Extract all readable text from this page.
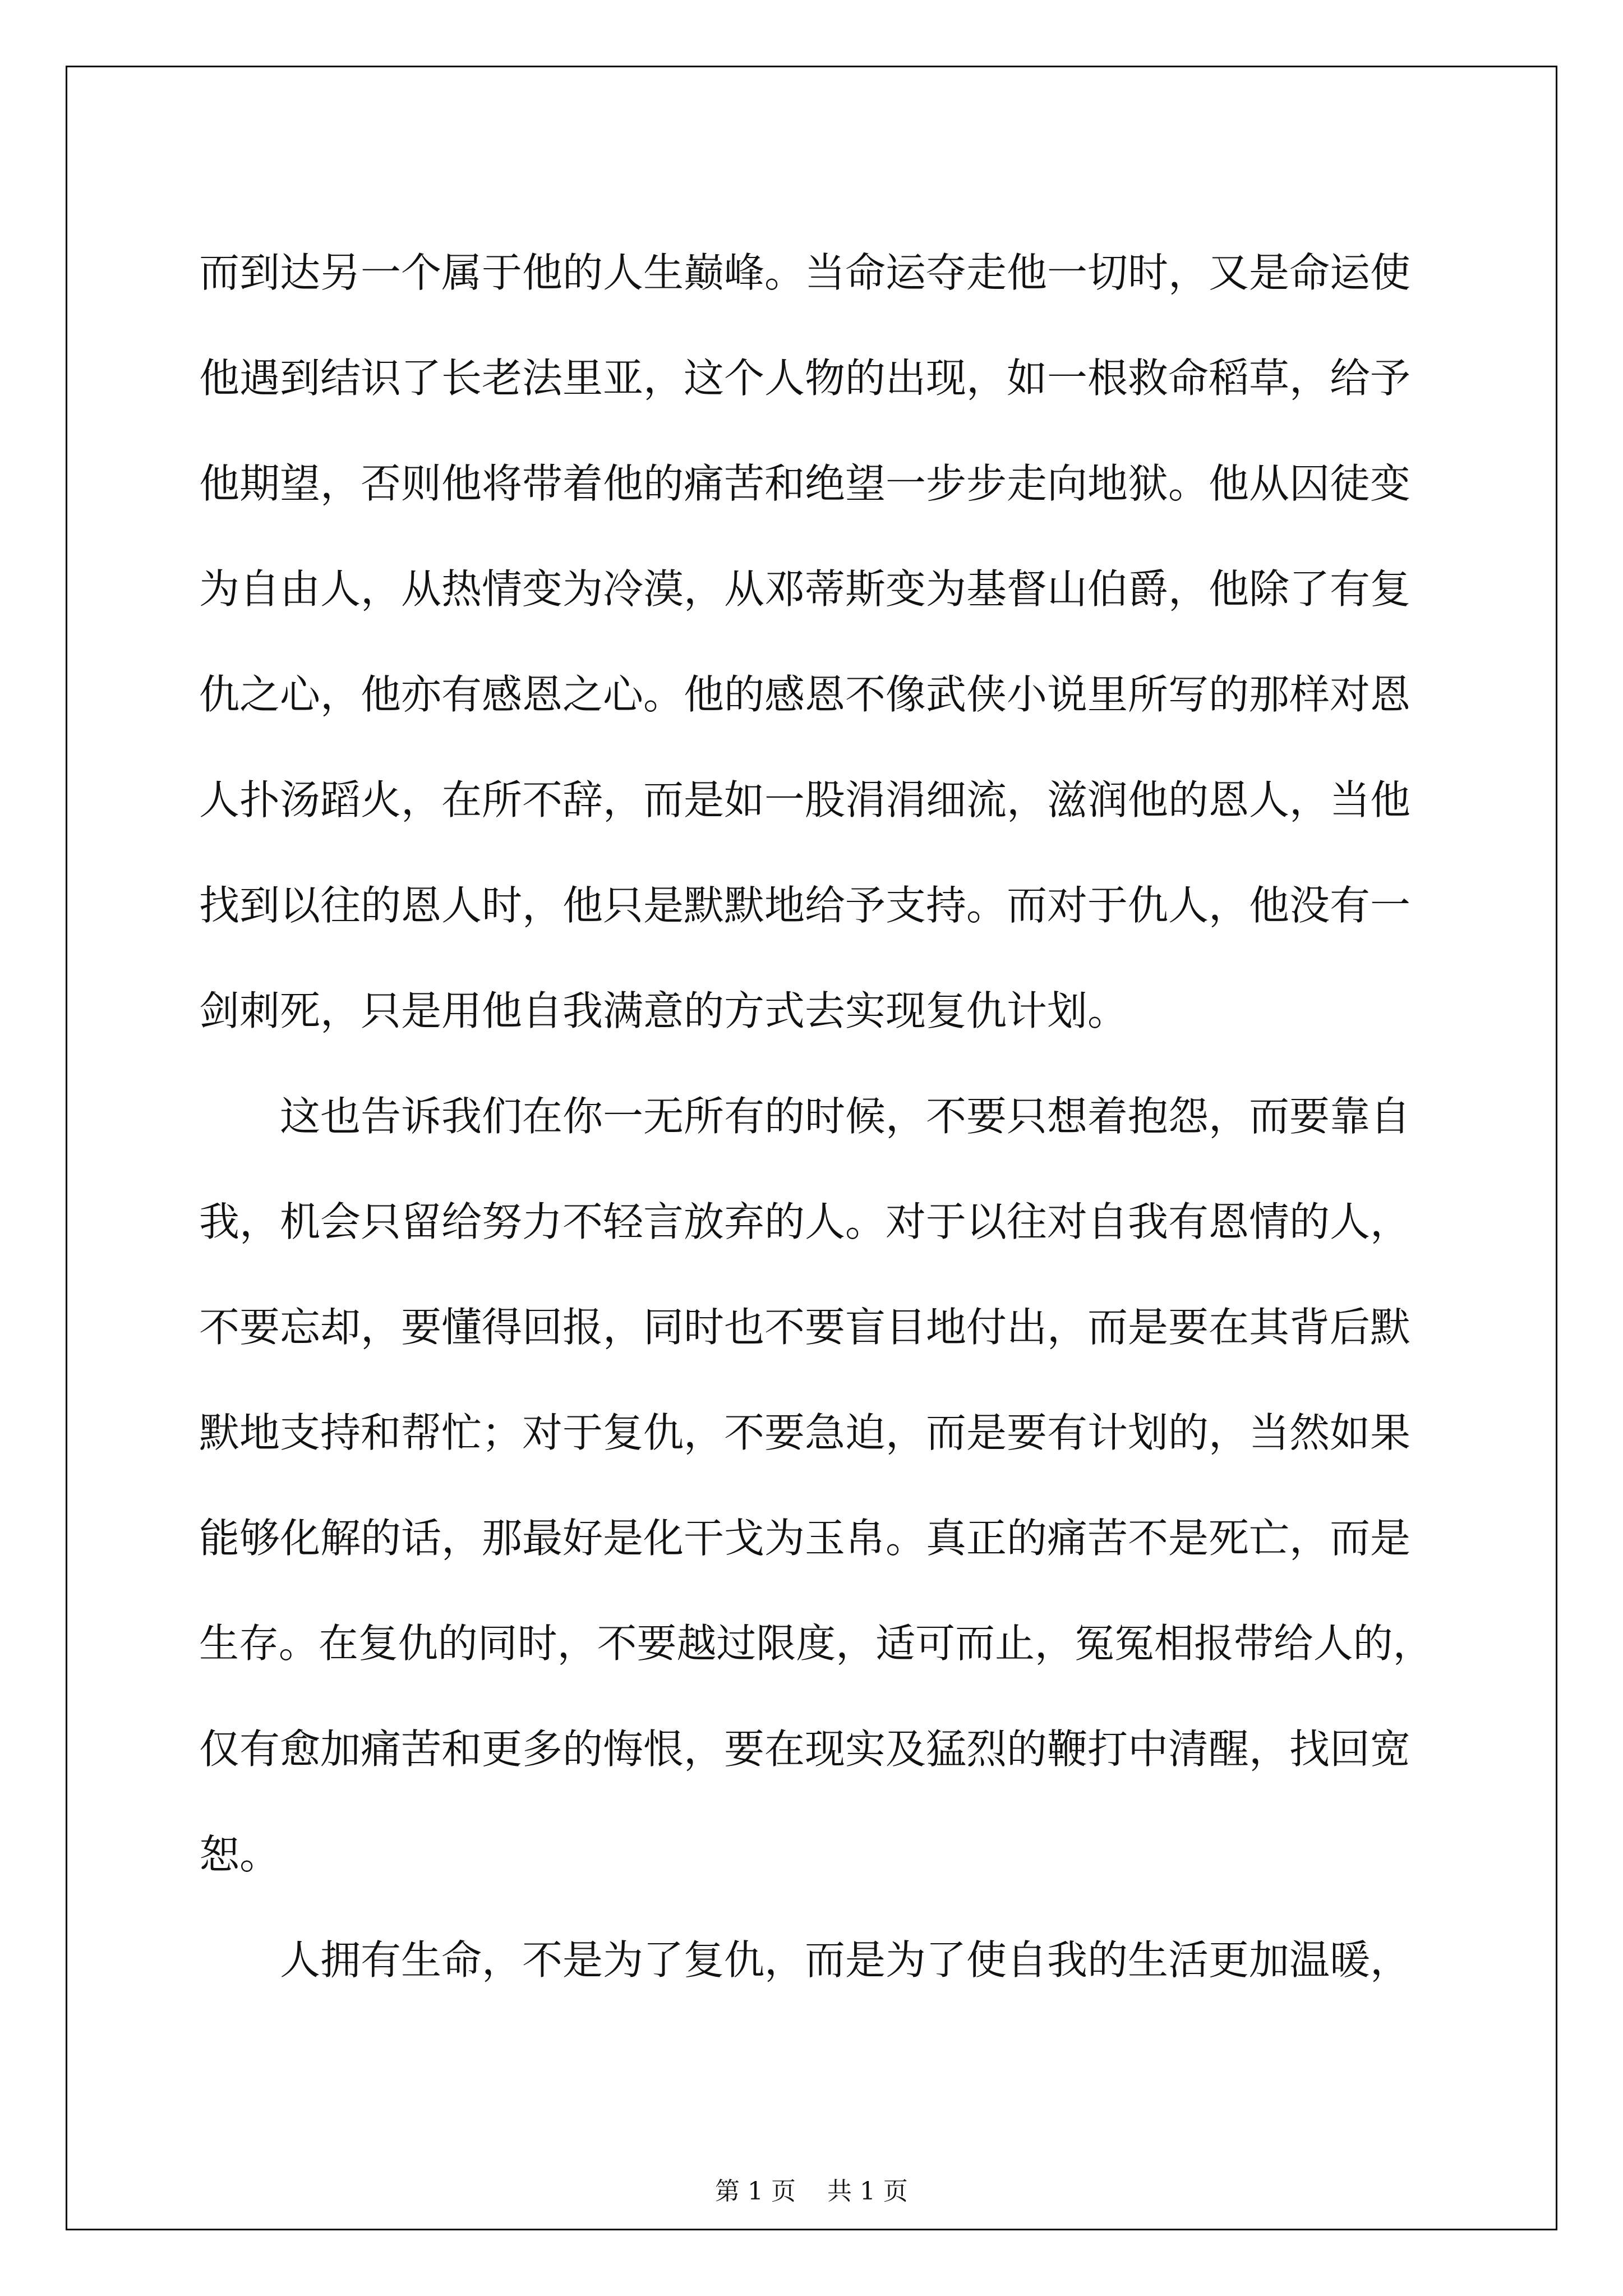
而到达另一个属于他的人生巅峰。当命运夺走他一切时，又是命运使

他遇到结识了长老法里亚，这个人物的出现，如一根救命稻草，给予

他期望，否则他将带着他的痛苦和绝望一步步走向地狱。他从囚徒变

为自由人，从热情变为冷漠，从邓蒂斯变为基督山伯爵，他除了有复

仇之心，他亦有感恩之心。他的感恩不像武侠小说里所写的那样对恩

人扑汤蹈火，在所不辞，而是如一股涓涓细流，滋润他的恩人，当他

找到以往的恩人时，他只是默默地给予支持。而对于仇人，他没有一

剑刺死，只是用他自我满意的方式去实现复仇计划。

这也告诉我们在你一无所有的时候，不要只想着抱怨，而要靠自

我，机会只留给努力不轻言放弃的人。对于以往对自我有恩情的人，

不要忘却，要懂得回报，同时也不要盲目地付出，而是要在其背后默

默地支持和帮忙；对于复仇，不要急迫，而是要有计划的，当然如果

能够化解的话，那最好是化干戈为玉帛。真正的痛苦不是死亡，而是

生存。在复仇的同时，不要越过限度，适可而止，冤冤相报带给人的，

仅有愈加痛苦和更多的悔恨，要在现实及猛烈的鞭打中清醒，找回宽

恕。

人拥有生命，不是为了复仇，而是为了使自我的生活更加温暖，

第 1 页    共 1 页
